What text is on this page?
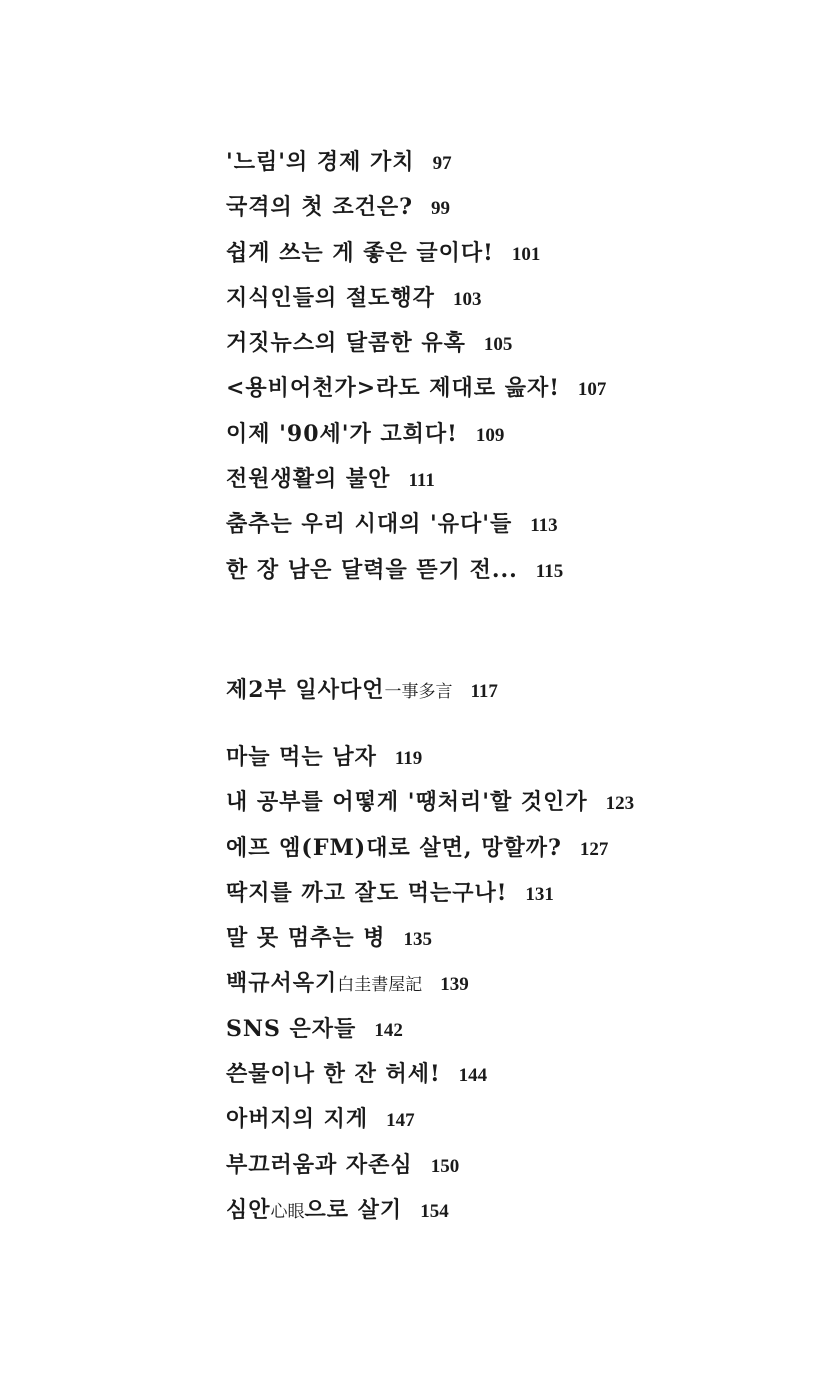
'느림'의 경제 가치 97
국격의 첫 조건은? 99
쉽게 쓰는 게 좋은 글이다! 101
지식인들의 절도행각 103
거짓뉴스의 달콤한 유혹 105
<용비어천가>라도 제대로 읊자! 107
이제 '90세'가 고희다! 109
전원생활의 불안 111
춤추는 우리 시대의 '유다'들 113
한 장 남은 달력을 뜯기 전... 115
제2부 일사다언一事多言 117
마늘 먹는 남자 119
내 공부를 어떻게 '땡처리'할 것인가 123
에프 엠(FM)대로 살면, 망할까? 127
딱지를 까고 잘도 먹는구나! 131
말 못 멈추는 병 135
백규서옥기白圭書屋記 139
SNS 은자들 142
쓴물이나 한 잔 허세! 144
아버지의 지게 147
부끄러움과 자존심 150
심안心眼으로 살기 154
